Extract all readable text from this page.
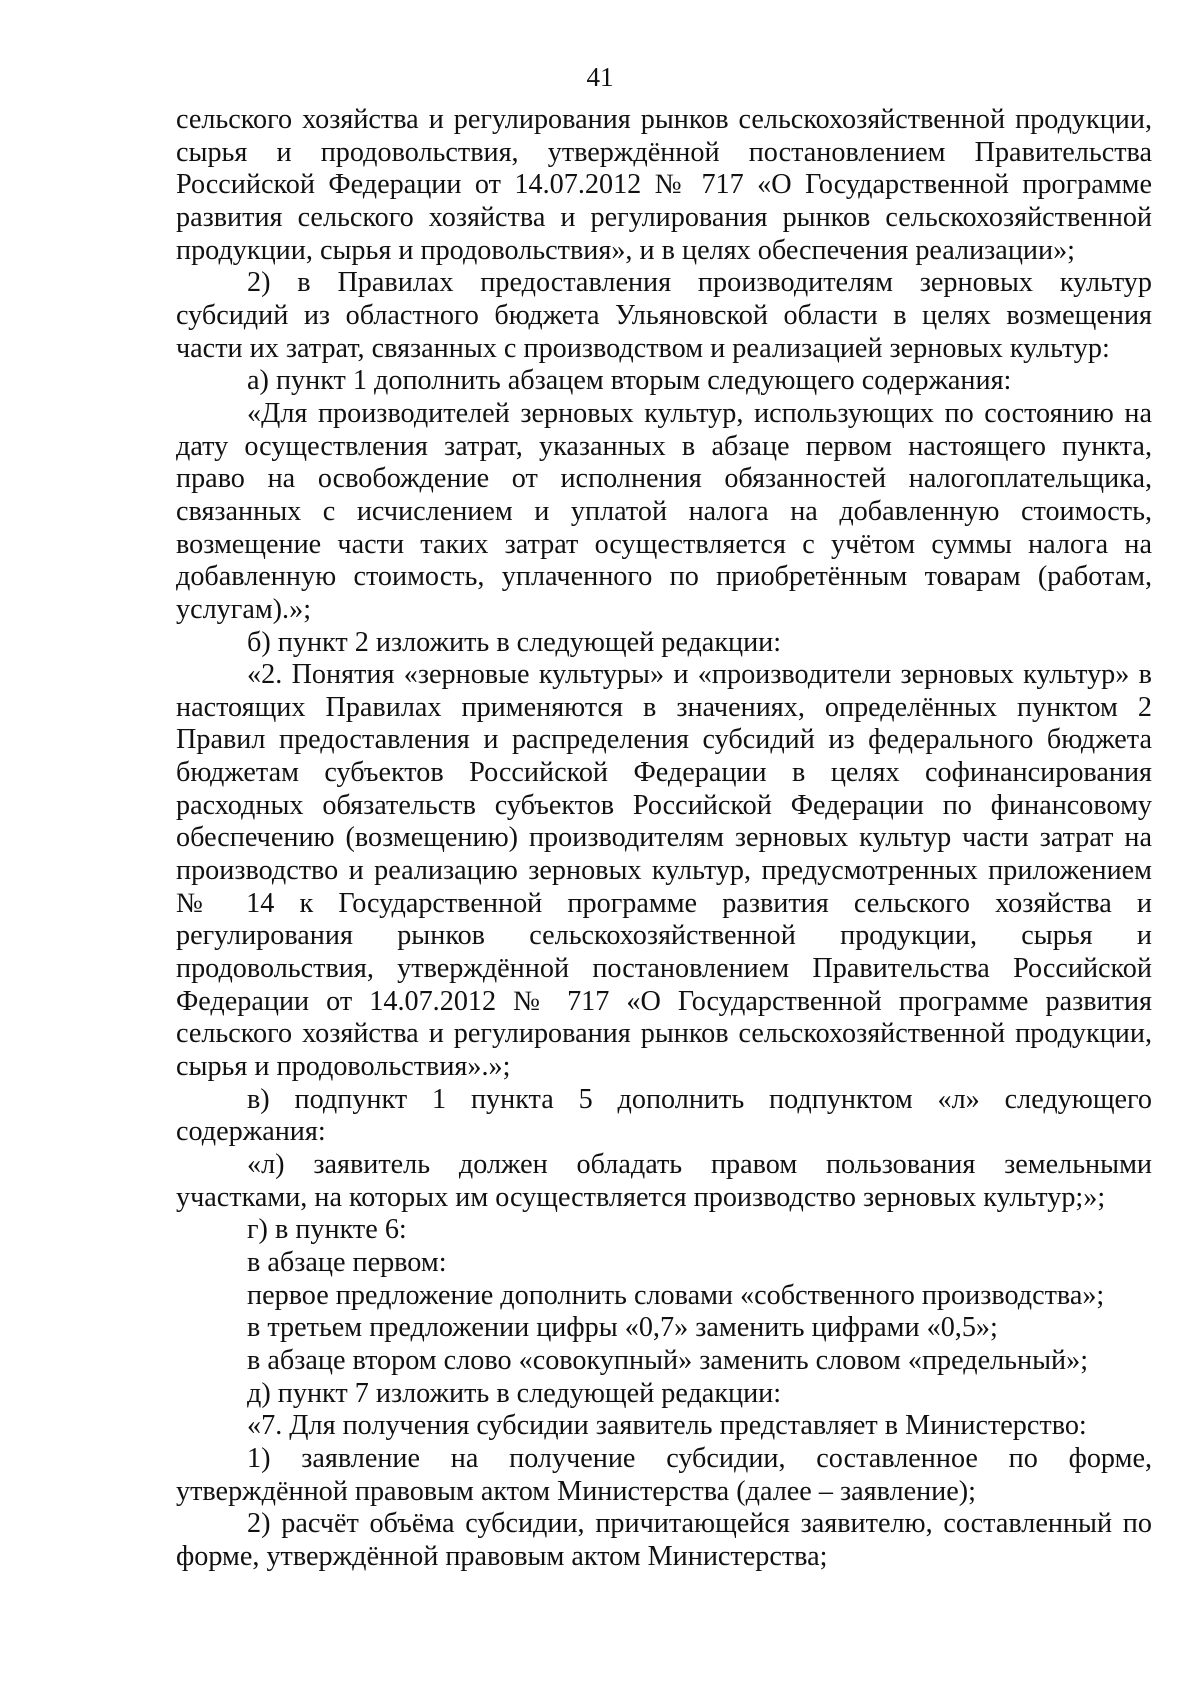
41

сельского хозяйства и регулирования рынков сельскохозяйственной продукции, сырья и продовольствия, утверждённой постановлением Правительства Российской Федерации от 14.07.2012 № 717 «О Государственной программе развития сельского хозяйства и регулирования рынков сельскохозяйственной продукции, сырья и продовольствия», и в целях обеспечения реализации»;

2) в Правилах предоставления производителям зерновых культур субсидий из областного бюджета Ульяновской области в целях возмещения части их затрат, связанных с производством и реализацией зерновых культур:

а) пункт 1 дополнить абзацем вторым следующего содержания:

«Для производителей зерновых культур, использующих по состоянию на дату осуществления затрат, указанных в абзаце первом настоящего пункта, право на освобождение от исполнения обязанностей налогоплательщика, связанных с исчислением и уплатой налога на добавленную стоимость, возмещение части таких затрат осуществляется с учётом суммы налога на добавленную стоимость, уплаченного по приобретённым товарам (работам, услугам).»;

б) пункт 2 изложить в следующей редакции:

«2. Понятия «зерновые культуры» и «производители зерновых культур» в настоящих Правилах применяются в значениях, определённых пунктом 2 Правил предоставления и распределения субсидий из федерального бюджета бюджетам субъектов Российской Федерации в целях софинансирования расходных обязательств субъектов Российской Федерации по финансовому обеспечению (возмещению) производителям зерновых культур части затрат на производство и реализацию зерновых культур, предусмотренных приложением № 14 к Государственной программе развития сельского хозяйства и регулирования рынков сельскохозяйственной продукции, сырья и продовольствия, утверждённой постановлением Правительства Российской Федерации от 14.07.2012 № 717 «О Государственной программе развития сельского хозяйства и регулирования рынков сельскохозяйственной продукции, сырья и продовольствия».»;

в) подпункт 1 пункта 5 дополнить подпунктом «л» следующего содержания:

«л) заявитель должен обладать правом пользования земельными участками, на которых им осуществляется производство зерновых культур;»;

г) в пункте 6:

в абзаце первом:

первое предложение дополнить словами «собственного производства»;

в третьем предложении цифры «0,7» заменить цифрами «0,5»;

в абзаце втором слово «совокупный» заменить словом «предельный»;

д) пункт 7 изложить в следующей редакции:

«7. Для получения субсидии заявитель представляет в Министерство:

1) заявление на получение субсидии, составленное по форме, утверждённой правовым актом Министерства (далее – заявление);

2) расчёт объёма субсидии, причитающейся заявителю, составленный по форме, утверждённой правовым актом Министерства;
